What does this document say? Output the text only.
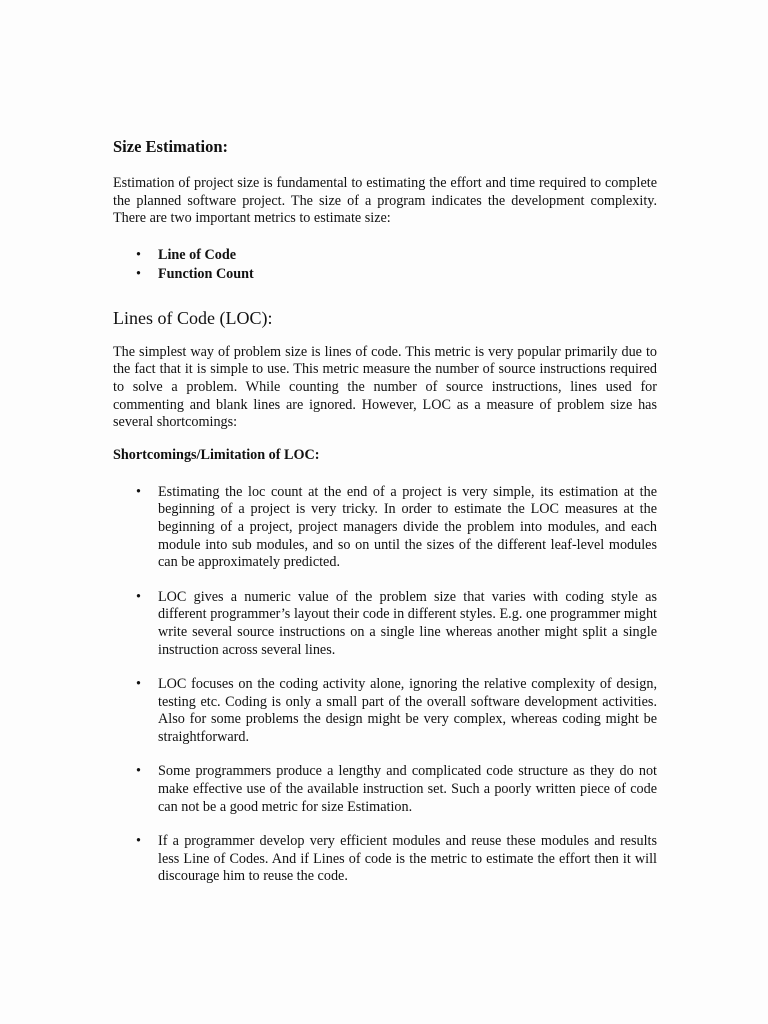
Size Estimation:

Estimation of project size is fundamental to estimating the effort and time required to complete the planned software project. The size of a program indicates the development complexity. There are two important metrics to estimate size:

• Line of Code
• Function Count
Lines of Code (LOC):

The simplest way of problem size is lines of code. This metric is very popular primarily due to the fact that it is simple to use. This metric measure the number of source instructions required to solve a problem. While counting the number of source instructions, lines used for commenting and blank lines are ignored. However, LOC as a measure of problem size has several shortcomings:

Shortcomings/Limitation of LOC:
• Estimating the loc count at the end of a project is very simple, its estimation at the beginning of a project is very tricky. In order to estimate the LOC measures at the beginning of a project, project managers divide the problem into modules, and each module into sub modules, and so on until the sizes of the different leaf-level modules can be approximately predicted.
• LOC gives a numeric value of the problem size that varies with coding style as different programmer’s layout their code in different styles. E.g. one programmer might write several source instructions on a single line whereas another might split a single instruction across several lines.
• LOC focuses on the coding activity alone, ignoring the relative complexity of design, testing etc. Coding is only a small part of the overall software development activities. Also for some problems the design might be very complex, whereas coding might be straightforward.
• Some programmers produce a lengthy and complicated code structure as they do not make effective use of the available instruction set. Such a poorly written piece of code can not be a good metric for size Estimation.
• If a programmer develop very efficient modules and reuse these modules and results less Line of Codes. And if Lines of code is the metric to estimate the effort then it will discourage him to reuse the code.
